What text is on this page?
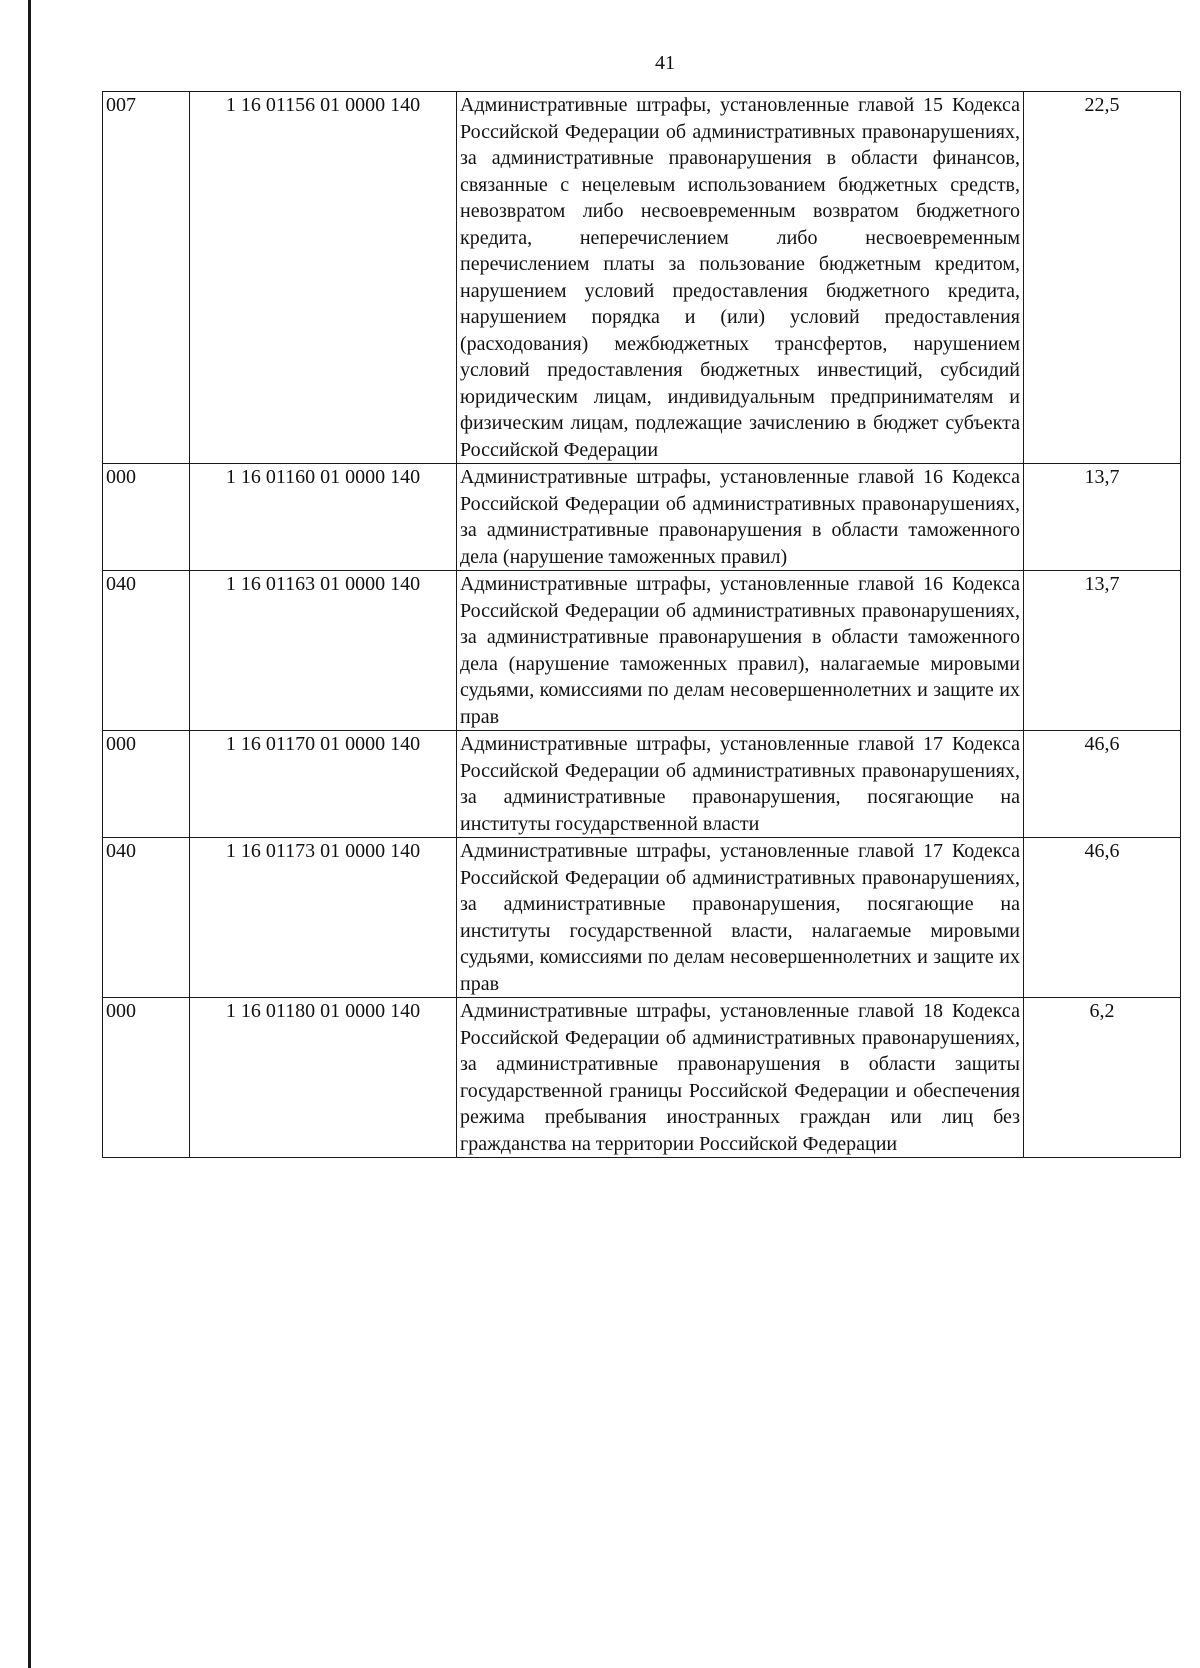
41
007	1 16 01156 01 0000 140	Административные штрафы, установленные главой 15 Кодекса Российской Федерации об административных правонарушениях, за административные правонарушения в области финансов, связанные с нецелевым использованием бюджетных средств, невозвратом либо несвоевременным возвратом бюджетного кредита, неперечислением либо несвоевременным перечислением платы за пользование бюджетным кредитом, нарушением условий предоставления бюджетного кредита, нарушением порядка и (или) условий предоставления (расходования) межбюджетных трансфертов, нарушением условий предоставления бюджетных инвестиций, субсидий юридическим лицам, индивидуальным предпринимателям и физическим лицам, подлежащие зачислению в бюджет субъекта Российской Федерации	22,5
000	1 16 01160 01 0000 140	Административные штрафы, установленные главой 16 Кодекса Российской Федерации об административных правонарушениях, за административные правонарушения в области таможенного дела (нарушение таможенных правил)	13,7
040	1 16 01163 01 0000 140	Административные штрафы, установленные главой 16 Кодекса Российской Федерации об административных правонарушениях, за административные правонарушения в области таможенного дела (нарушение таможенных правил), налагаемые мировыми судьями, комиссиями по делам несовершеннолетних и защите их прав	13,7
000	1 16 01170 01 0000 140	Административные штрафы, установленные главой 17 Кодекса Российской Федерации об административных правонарушениях, за административные правонарушения, посягающие на институты государственной власти	46,6
040	1 16 01173 01 0000 140	Административные штрафы, установленные главой 17 Кодекса Российской Федерации об административных правонарушениях, за административные правонарушения, посягающие на институты государственной власти, налагаемые мировыми судьями, комиссиями по делам несовершеннолетних и защите их прав	46,6
000	1 16 01180 01 0000 140	Административные штрафы, установленные главой 18 Кодекса Российской Федерации об административных правонарушениях, за административные правонарушения в области защиты государственной границы Российской Федерации и обеспечения режима пребывания иностранных граждан или лиц без гражданства на территории Российской Федерации	6,2
